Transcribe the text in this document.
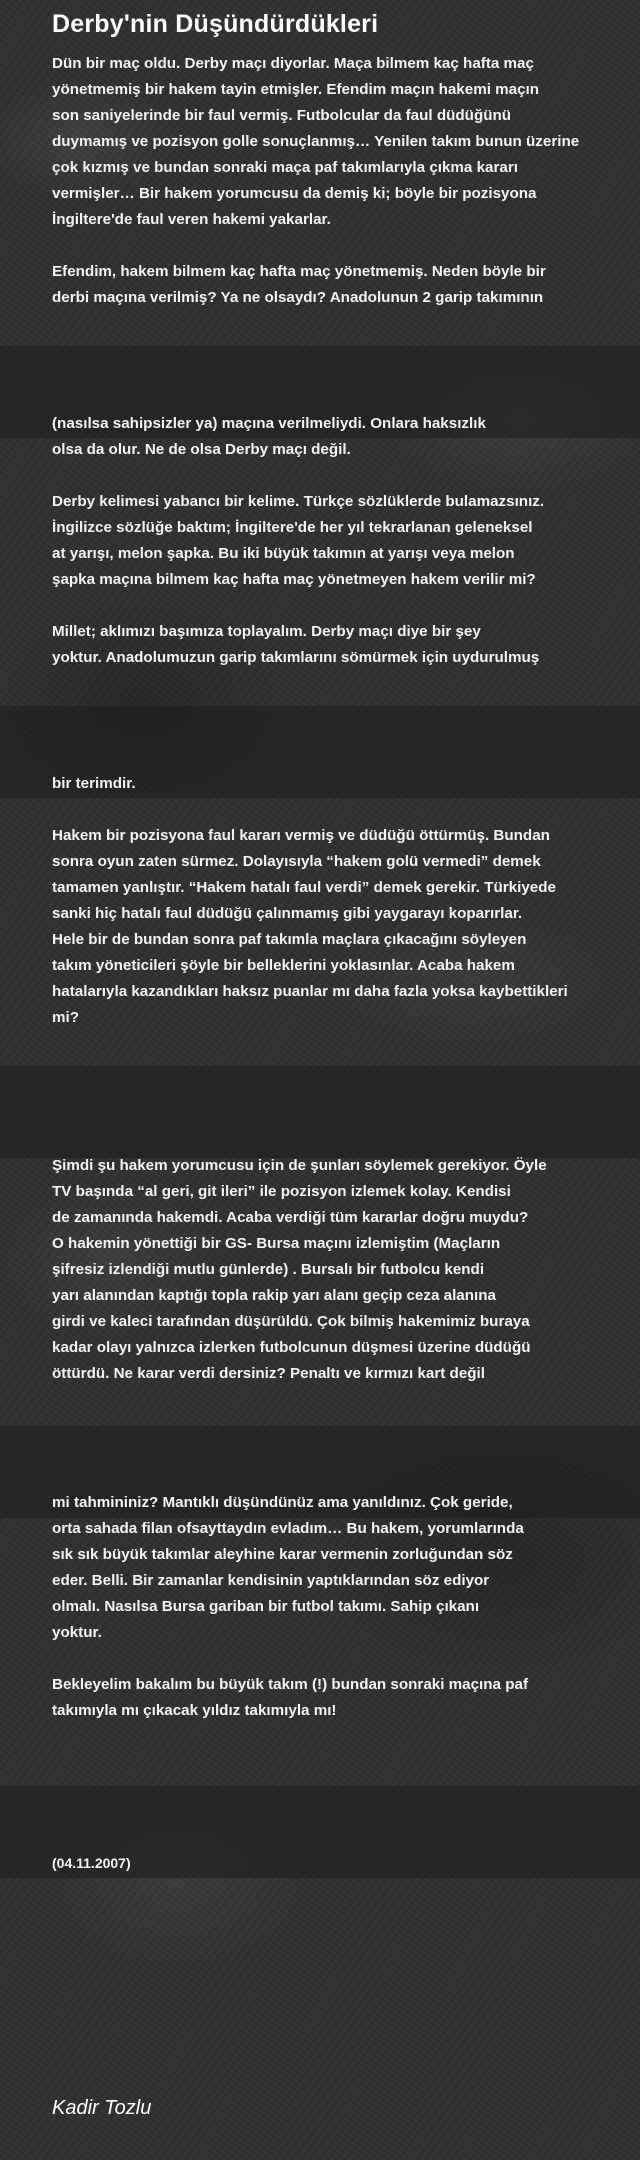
Derby'nin Düşündürdükleri
Dün bir maç oldu. Derby maçı diyorlar. Maça bilmem kaç hafta maç
yönetmemiş bir hakem tayin etmişler. Efendim maçın hakemi maçın
son saniyelerinde bir faul vermiş. Futbolcular da faul düdüğünü
duymamış ve pozisyon golle sonuçlanmış… Yenilen takım bunun üzerine
çok kızmış ve bundan sonraki maça paf takımlarıyla çıkma kararı
vermişler… Bir hakem yorumcusu da demiş ki; böyle bir pozisyona
İngiltere'de faul veren hakemi yakarlar.
Efendim, hakem bilmem kaç hafta maç yönetmemiş. Neden böyle bir
derbi maçına verilmiş? Ya ne olsaydı? Anadolunun 2 garip takımının
(nasılsa sahipsizler ya) maçına verilmeliydi. Onlara haksızlık
olsa da olur. Ne de olsa Derby maçı değil.
Derby kelimesi yabancı bir kelime. Türkçe sözlüklerde bulamazsınız.
İngilizce sözlüğe baktım; İngiltere'de her yıl tekrarlanan geleneksel
at yarışı, melon şapka. Bu iki büyük takımın at yarışı veya melon
şapka maçına bilmem kaç hafta maç yönetmeyen hakem verilir mi?
Millet; aklımızı başımıza toplayalım. Derby maçı diye bir şey
yoktur. Anadolumuzun garip takımlarını sömürmek için uydurulmuş
bir terimdir.
Hakem bir pozisyona faul kararı vermiş ve düdüğü öttürmüş. Bundan
sonra oyun zaten sürmez. Dolayısıyla “hakem golü vermedi” demek
tamamen yanlıştır. “Hakem hatalı faul verdi” demek gerekir. Türkiyede
sanki hiç hatalı faul düdüğü çalınmamış gibi yaygarayı koparırlar.
Hele bir de bundan sonra paf takımla maçlara çıkacağını söyleyen
takım yöneticileri şöyle bir belleklerini yoklasınlar. Acaba hakem
hatalarıyla kazandıkları haksız puanlar mı daha fazla yoksa kaybettikleri
mi?
Şimdi şu hakem yorumcusu için de şunları söylemek gerekiyor. Öyle
TV başında “al geri, git ileri” ile pozisyon izlemek kolay. Kendisi
de zamanında hakemdi. Acaba verdiği tüm kararlar doğru muydu?
O hakemin yönettiği bir GS- Bursa maçını izlemiştim (Maçların
şifresiz izlendiği mutlu günlerde) . Bursalı bir futbolcu kendi
yarı alanından kaptığı topla rakip yarı alanı geçip ceza alanına
girdi ve kaleci tarafından düşürüldü. Çok bilmiş hakemimiz buraya
kadar olayı yalnızca izlerken futbolcunun düşmesi üzerine düdüğü
öttürdü. Ne karar verdi dersiniz? Penaltı ve kırmızı kart değil
mi tahmininiz? Mantıklı düşündünüz ama yanıldınız. Çok geride,
orta sahada filan ofsayttaydın evladım… Bu hakem, yorumlarında
sık sık büyük takımlar aleyhine karar vermenin zorluğundan söz
eder. Belli. Bir zamanlar kendisinin yaptıklarından söz ediyor
olmalı. Nasılsa Bursa gariban bir futbol takımı. Sahip çıkanı
yoktur.
Bekleyelim bakalım bu büyük takım (!) bundan sonraki maçına paf
takımıyla mı çıkacak yıldız takımıyla mı!
(04.11.2007)
Kadir Tozlu
